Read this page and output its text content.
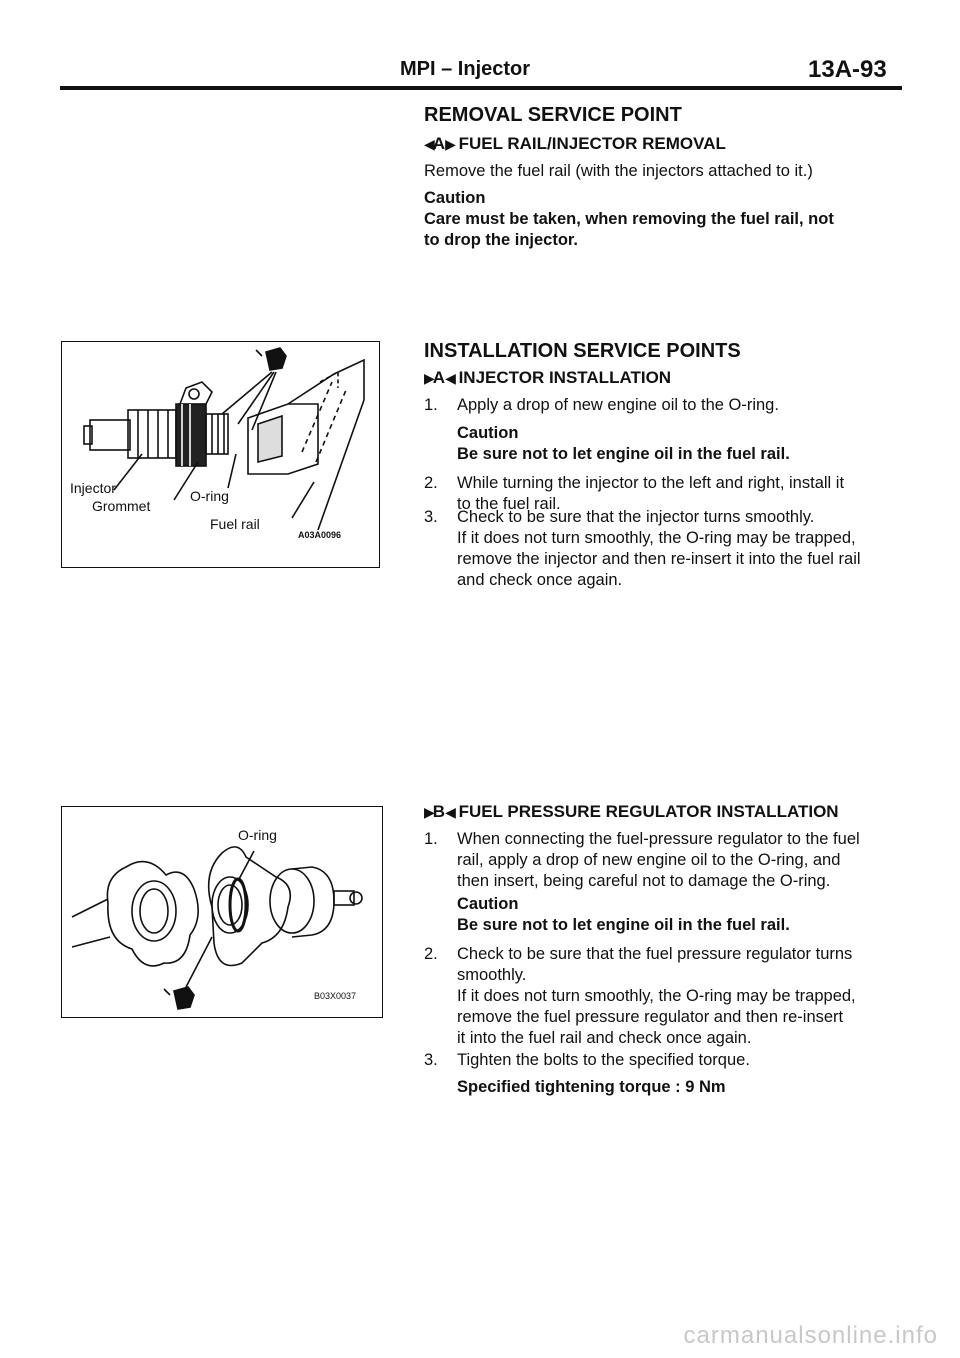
MPI – Injector	13A-93
REMOVAL SERVICE POINT
◀A▶ FUEL RAIL/INJECTOR REMOVAL
Remove the fuel rail (with the injectors attached to it.)
Caution
Care must be taken, when removing the fuel rail, not
to drop the injector.
INSTALLATION SERVICE POINTS
▶A◀ INJECTOR INSTALLATION
1. Apply a drop of new engine oil to the O-ring.
Caution
Be sure not to let engine oil in the fuel rail.
2. While turning the injector to the left and right, install it
to the fuel rail.
3. Check to be sure that the injector turns smoothly.
If it does not turn smoothly, the O-ring may be trapped,
remove the injector and then re-insert it into the fuel rail
and check once again.
▶B◀ FUEL PRESSURE REGULATOR INSTALLATION
1. When connecting the fuel-pressure regulator to the fuel
rail, apply a drop of new engine oil to the O-ring, and
then insert, being careful not to damage the O-ring.
Caution
Be sure not to let engine oil in the fuel rail.
2. Check to be sure that the fuel pressure regulator turns
smoothly.
If it does not turn smoothly, the O-ring may be trapped,
remove the fuel pressure regulator and then re-insert
it into the fuel rail and check once again.
3. Tighten the bolts to the specified torque.
Specified tightening torque : 9 Nm
Injector
Grommet
O-ring
Fuel rail
A03A0096
O-ring
B03X0037
carmanualsonline.info
